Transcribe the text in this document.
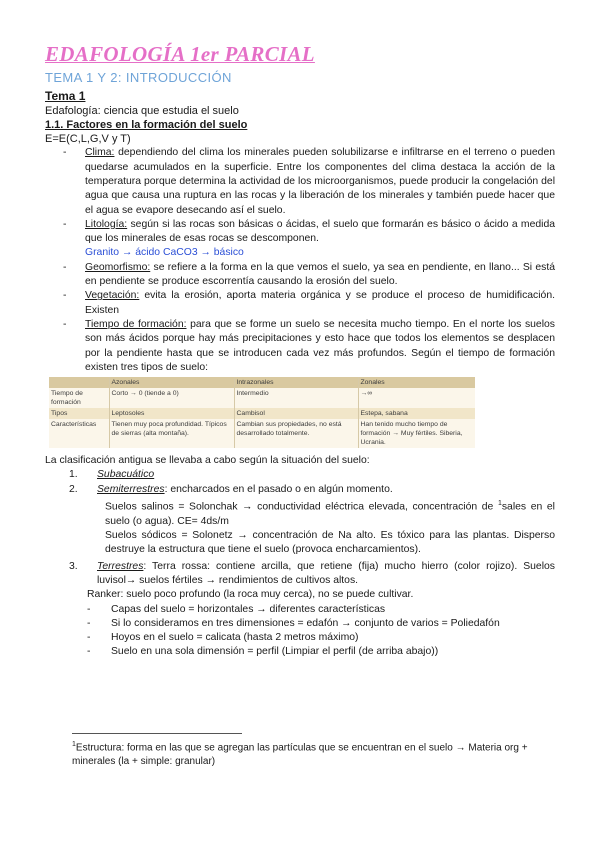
EDAFOLOGÍA 1er PARCIAL
TEMA 1 Y 2: INTRODUCCIÓN
Tema 1
Edafología: ciencia que estudia el suelo
1.1. Factores en la formación del suelo
E=E(C,L,G,V y T)
-	Clima: dependiendo del clima los minerales pueden solubilizarse e infiltrarse en el terreno o pueden quedarse acumulados en la superficie. Entre los componentes del clima destaca la acción de la temperatura porque determina la actividad de los microorganismos, puede producir la congelación del agua que causa una ruptura en las rocas y la liberación de los minerales y también puede hacer que el agua se evapore desecando así el suelo.
-	Litología: según si las rocas son básicas o ácidas, el suelo que formarán es básico o ácido a medida que los minerales de esas rocas se descomponen.
Granito → ácido CaCO3 → básico
-	Geomorfismo: se refiere a la forma en la que vemos el suelo, ya sea en pendiente, en llano... Si está en pendiente se produce escorrentía causando la erosión del suelo.
-	Vegetación: evita la erosión, aporta materia orgánica y se produce el proceso de humidificación. Existen
-	Tiempo de formación: para que se forme un suelo se necesita mucho tiempo. En el norte los suelos son más ácidos porque hay más precipitaciones y esto hace que todos los elementos se desplacen por la pendiente hasta que se introducen cada vez más profundos. Según el tiempo de formación existen tres tipos de suelo:
	Azonales	Intrazonales	Zonales
Tiempo de formación	Corto → 0 (tiende a 0)	Intermedio	→∞
Tipos	Leptosoles	Cambisol	Estepa, sabana
Características	Tienen muy poca profundidad. Típicos de sierras (alta montaña).	Cambian sus propiedades, no está desarrollado totalmente.	Han tenido mucho tiempo de formación → Muy fértiles. Siberia, Ucrania.
La clasificación antigua se llevaba a cabo según la situación del suelo:
1.	Subacuático
2.	Semiterrestres: encharcados en el pasado o en algún momento.
Suelos salinos = Solonchak → conductividad eléctrica elevada, concentración de $^1$sales en el suelo (o agua). CE= 4ds/m
Suelos sódicos = Solonetz → concentración de Na alto. Es tóxico para las plantas. Disperso destruye la estructura que tiene el suelo (provoca encharcamientos).
3.	Terrestres: Terra rossa: contiene arcilla, que retiene (fija) mucho hierro (color rojizo). Suelos luvisol→ suelos fértiles → rendimientos de cultivos altos.
Ranker: suelo poco profundo (la roca muy cerca), no se puede cultivar.
-	Capas del suelo = horizontales → diferentes características
-	Si lo consideramos en tres dimensiones = edafón → conjunto de varios = Poliedafón
-	Hoyos en el suelo = calicata (hasta 2 metros máximo)
-	Suelo en una sola dimensión = perfil (Limpiar el perfil (de arriba abajo))
$^1$Estructura: forma en las que se agregan las partículas que se encuentran en el suelo → Materia org + minerales (la + simple: granular)
